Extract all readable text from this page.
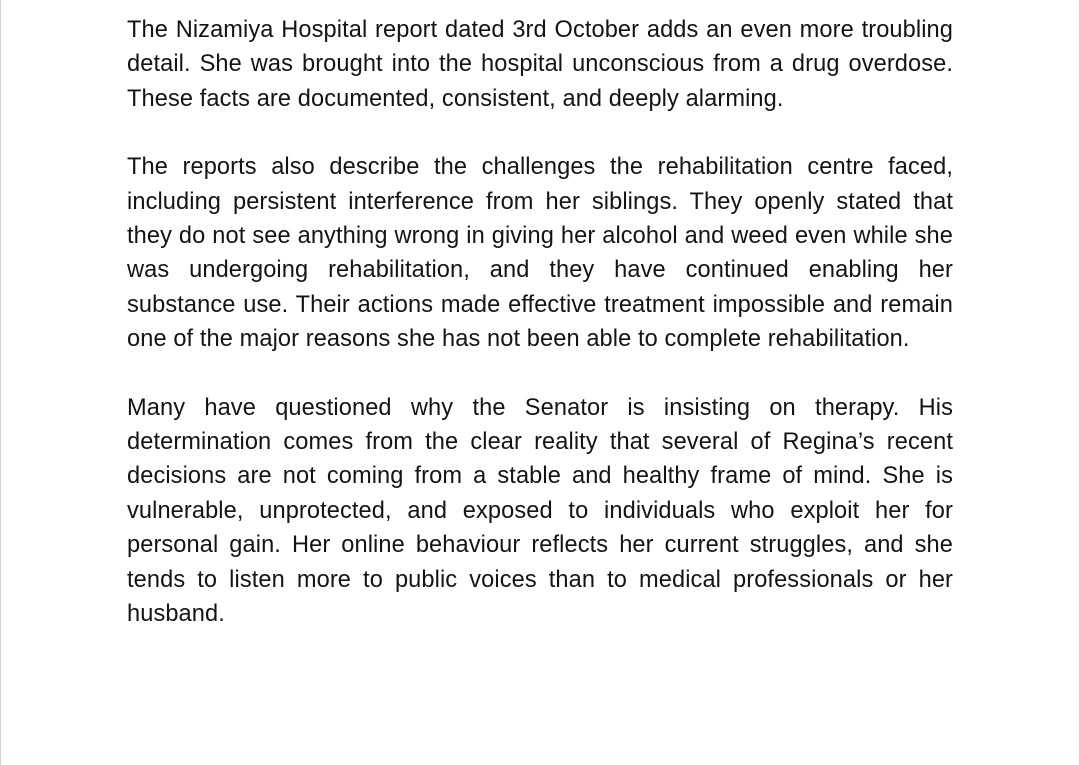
The Nizamiya Hospital report dated 3rd October adds an even more troubling detail. She was brought into the hospital unconscious from a drug overdose. These facts are documented, consistent, and deeply alarming.

The reports also describe the challenges the rehabilitation centre faced, including persistent interference from her siblings. They openly stated that they do not see anything wrong in giving her alcohol and weed even while she was undergoing rehabilitation, and they have continued enabling her substance use. Their actions made effective treatment impossible and remain one of the major reasons she has not been able to complete rehabilitation.

Many have questioned why the Senator is insisting on therapy. His determination comes from the clear reality that several of Regina’s recent decisions are not coming from a stable and healthy frame of mind. She is vulnerable, unprotected, and exposed to individuals who exploit her for personal gain. Her online behaviour reflects her current struggles, and she tends to listen more to public voices than to medical professionals or her husband.
